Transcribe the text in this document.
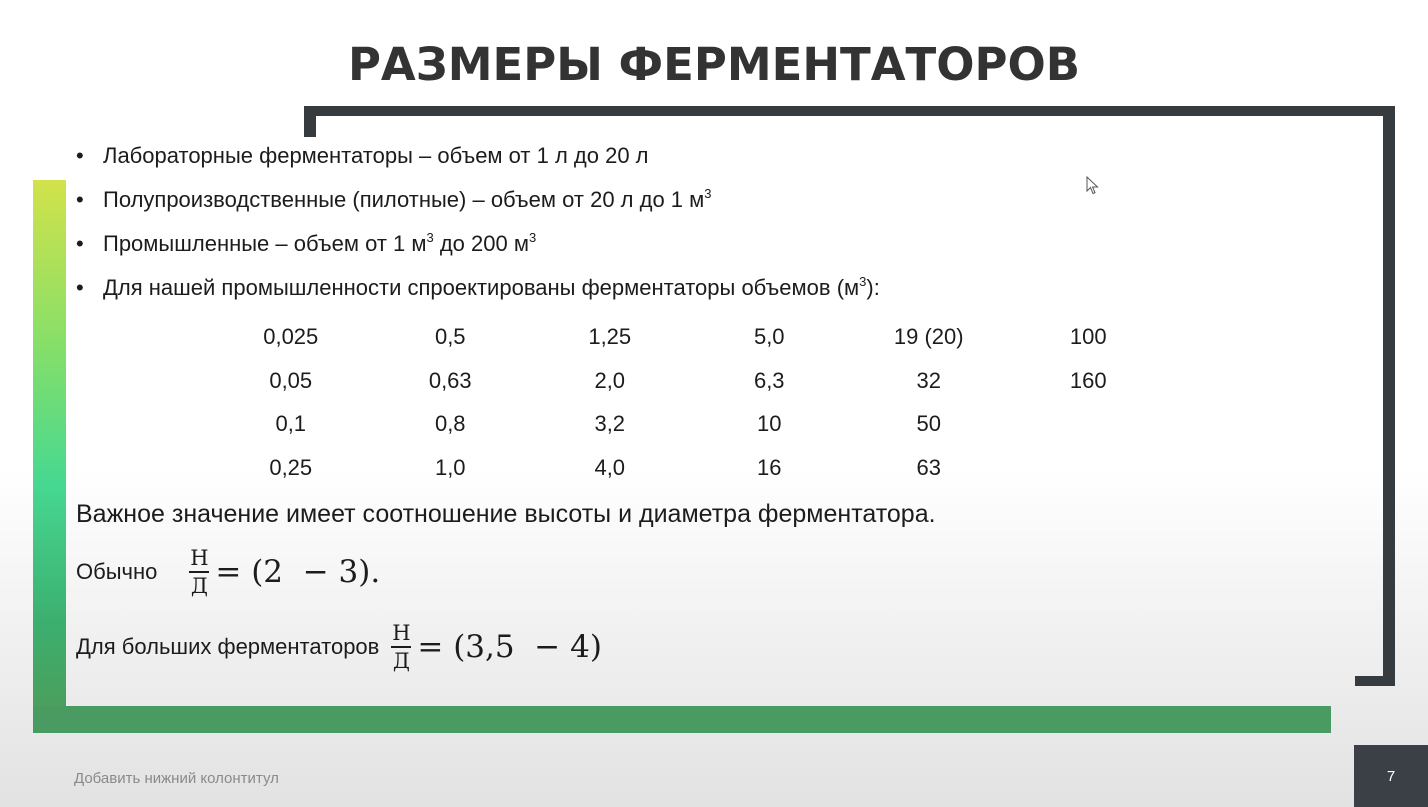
РАЗМЕРЫ ФЕРМЕНТАТОРОВ
• Лабораторные ферментаторы – объем от 1 л до 20 л
• Полупроизводственные (пилотные) – объем от 20 л до 1 $м^3$
• Промышленные – объем от 1 $м^3$ до 200 $м^3$
• Для нашей промышленности спроектированы ферментаторы объемов $(м^3)$:
0,025	0,5	1,25	5,0	19 (20)	100
0,05	0,63	2,0	6,3	32	160
0,1	0,8	3,2	10	50
0,25	1,0	4,0	16	63
Важное значение имеет соотношение высоты и диаметра ферментатора.
Обычно $\frac{Н}{Д} = (2 - 3)$.
Для больших ферментаторов $\frac{Н}{Д} = (3,5 - 4)$
Добавить нижний колонтитул	7
